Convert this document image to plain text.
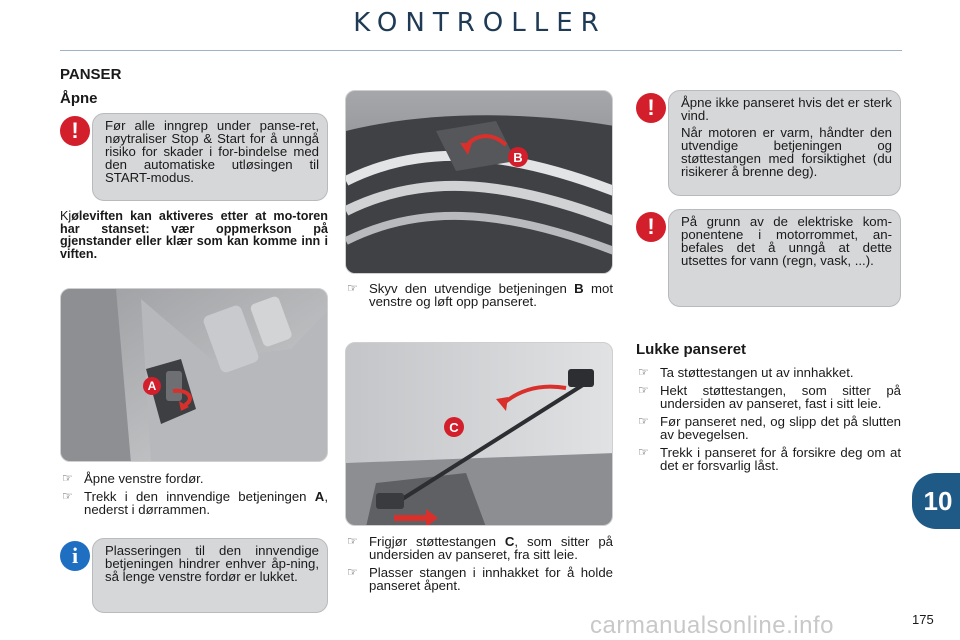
KONTROLLER
PANSER
Åpne
!	Før alle inngrep under panse-ret, nøytraliser Stop & Start for å unngå risiko for skader i for-bindelse med den automatiske utløsingen til START-modus.

Kjøleviften kan aktiveres etter at mo-toren har stanset: vær oppmerkson på gjenstander eller klær som kan komme inn i viften.
A
☞ Åpne venstre fordør.
☞ Trekk i den innvendige betjeningen A, nederst i dørrammen.
i	Plasseringen til den innvendige betjeningen hindrer enhver åp-ning, så lenge venstre fordør er lukket.

B
☞ Skyv den utvendige betjeningen B mot venstre og løft opp panseret.
C
☞ Frigjør støttestangen C, som sitter på undersiden av panseret, fra sitt leie.
☞ Plasser stangen i innhakket for å holde panseret åpent.
!	Åpne ikke panseret hvis det er sterk vind.

Når motoren er varm, håndter den utvendige betjeningen og støttestangen med forsiktighet (du risikerer å brenne deg).

!	På grunn av de elektriske kom-ponentene i motorrommet, an-befales det å unngå at dette utsettes for vann (regn, vask, ...).

Lukke panseret
☞ Ta støttestangen ut av innhakket.
☞ Hekt støttestangen, som sitter på undersiden av panseret, fast i sitt leie.
☞ Før panseret ned, og slipp det på slutten av bevegelsen.
☞ Trekk i panseret for å forsikre deg om at det er forsvarlig låst.
10
carmanualsonline.info	175
